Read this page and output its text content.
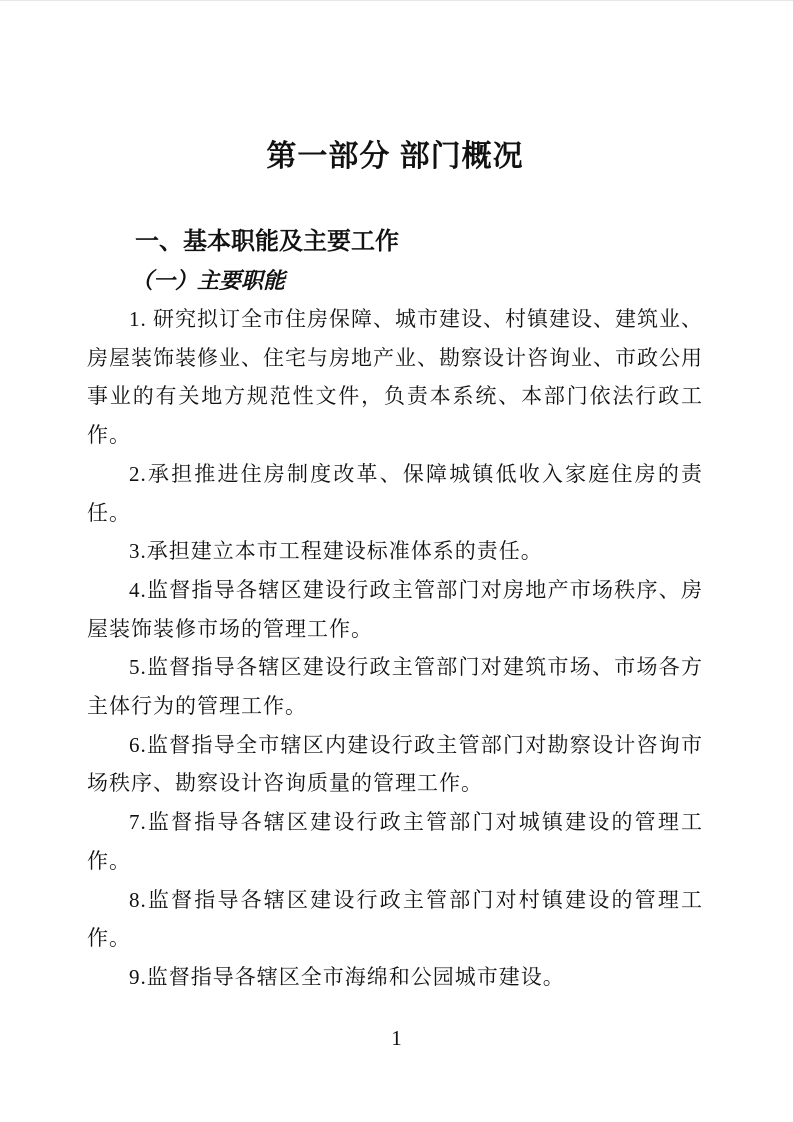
第一部分 部门概况
一、基本职能及主要工作
（一）主要职能

1. 研究拟订全市住房保障、城市建设、村镇建设、建筑业、房屋装饰装修业、住宅与房地产业、勘察设计咨询业、市政公用事业的有关地方规范性文件，负责本系统、本部门依法行政工作。

2.承担推进住房制度改革、保障城镇低收入家庭住房的责任。

3.承担建立本市工程建设标准体系的责任。

4.监督指导各辖区建设行政主管部门对房地产市场秩序、房屋装饰装修市场的管理工作。

5.监督指导各辖区建设行政主管部门对建筑市场、市场各方主体行为的管理工作。

6.监督指导全市辖区内建设行政主管部门对勘察设计咨询市场秩序、勘察设计咨询质量的管理工作。

7.监督指导各辖区建设行政主管部门对城镇建设的管理工作。

8.监督指导各辖区建设行政主管部门对村镇建设的管理工作。

9.监督指导各辖区全市海绵和公园城市建设。

1
